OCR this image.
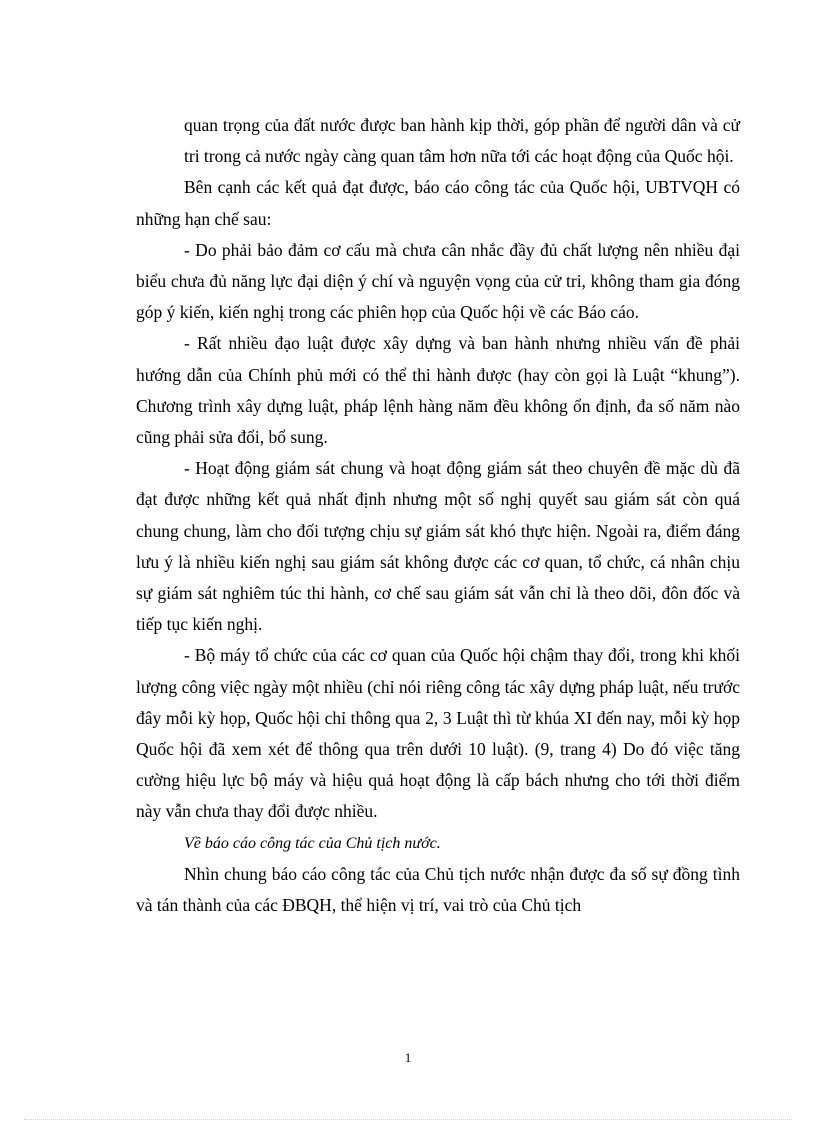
quan trọng của đất nước được ban hành kịp thời, góp phần để người dân và cử tri trong cả nước ngày càng quan tâm hơn nữa tới các hoạt động của Quốc hội.

Bên cạnh các kết quả đạt được, báo cáo công tác của Quốc hội, UBTVQH có những hạn chế sau:

- Do phải bảo đảm cơ cấu mà chưa cân nhắc đầy đủ chất lượng nên nhiều đại biểu chưa đủ năng lực đại diện ý chí và nguyện vọng của cử tri, không tham gia đóng góp ý kiến, kiến nghị trong các phiên họp của Quốc hội về các Báo cáo.

- Rất nhiều đạo luật được xây dựng và ban hành nhưng nhiều vấn đề phải hướng dẫn của Chính phủ mới có thể thi hành được (hay còn gọi là Luật “khung”). Chương trình xây dựng luật, pháp lệnh hàng năm đều không ổn định, đa số năm nào cũng phải sửa đổi, bổ sung.

- Hoạt động giám sát chung và hoạt động giám sát theo chuyên đề mặc dù đã đạt được những kết quả nhất định nhưng một số nghị quyết sau giám sát còn quá chung chung, làm cho đối tượng chịu sự giám sát khó thực hiện. Ngoài ra, điểm đáng lưu ý là nhiều kiến nghị sau giám sát không được các cơ quan, tổ chức, cá nhân chịu sự giám sát nghiêm túc thi hành, cơ chế sau giám sát vẫn chỉ là theo dõi, đôn đốc và tiếp tục kiến nghị.

- Bộ máy tổ chức của các cơ quan của Quốc hội chậm thay đổi, trong khi khối lượng công việc ngày một nhiều (chỉ nói riêng công tác xây dựng pháp luật, nếu trước đây mỗi kỳ họp, Quốc hội chỉ thông qua 2, 3 Luật thì từ khúa XI đến nay, mỗi kỳ họp Quốc hội đã xem xét để thông qua trên dưới 10 luật). (9, trang 4) Do đó việc tăng cường hiệu lực bộ máy và hiệu quả hoạt động là cấp bách nhưng cho tới thời điểm này vẫn chưa thay đổi được nhiều.

Về báo cáo công tác của Chủ tịch nước.

Nhìn chung báo cáo công tác của Chủ tịch nước nhận được đa số sự đồng tình và tán thành của các ĐBQH, thể hiện vị trí, vai trò của Chủ tịch

1
